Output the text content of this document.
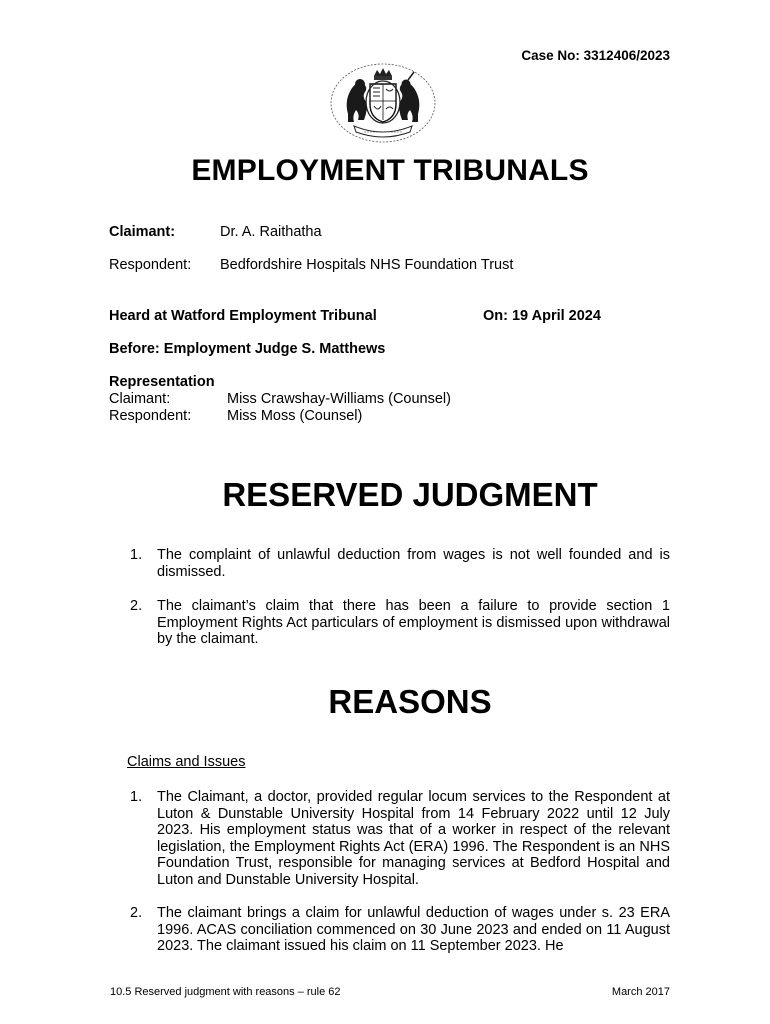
Case No: 3312406/2023
EMPLOYMENT TRIBUNALS
Claimant:	Dr. A. Raithatha
Respondent: Bedfordshire Hospitals NHS Foundation Trust
Heard at Watford Employment Tribunal	On: 19 April 2024
Before: Employment Judge S. Matthews
Representation
Claimant:	Miss Crawshay-Williams (Counsel)
Respondent: Miss Moss (Counsel)
RESERVED JUDGMENT
1.	The complaint of unlawful deduction from wages is not well founded and is dismissed.
2.	The claimant’s claim that there has been a failure to provide section 1 Employment Rights Act particulars of employment is dismissed upon withdrawal by the claimant.
REASONS
Claims and Issues
1.	The Claimant, a doctor, provided regular locum services to the Respondent at Luton & Dunstable University Hospital from 14 February 2022 until 12 July 2023. His employment status was that of a worker in respect of the relevant legislation, the Employment Rights Act (ERA) 1996. The Respondent is an NHS Foundation Trust, responsible for managing services at Bedford Hospital and Luton and Dunstable University Hospital.
2.	The claimant brings a claim for unlawful deduction of wages under s. 23 ERA 1996. ACAS conciliation commenced on 30 June 2023 and ended on 11 August 2023. The claimant issued his claim on 11 September 2023. He
10.5 Reserved judgment with reasons – rule 62	March 2017
